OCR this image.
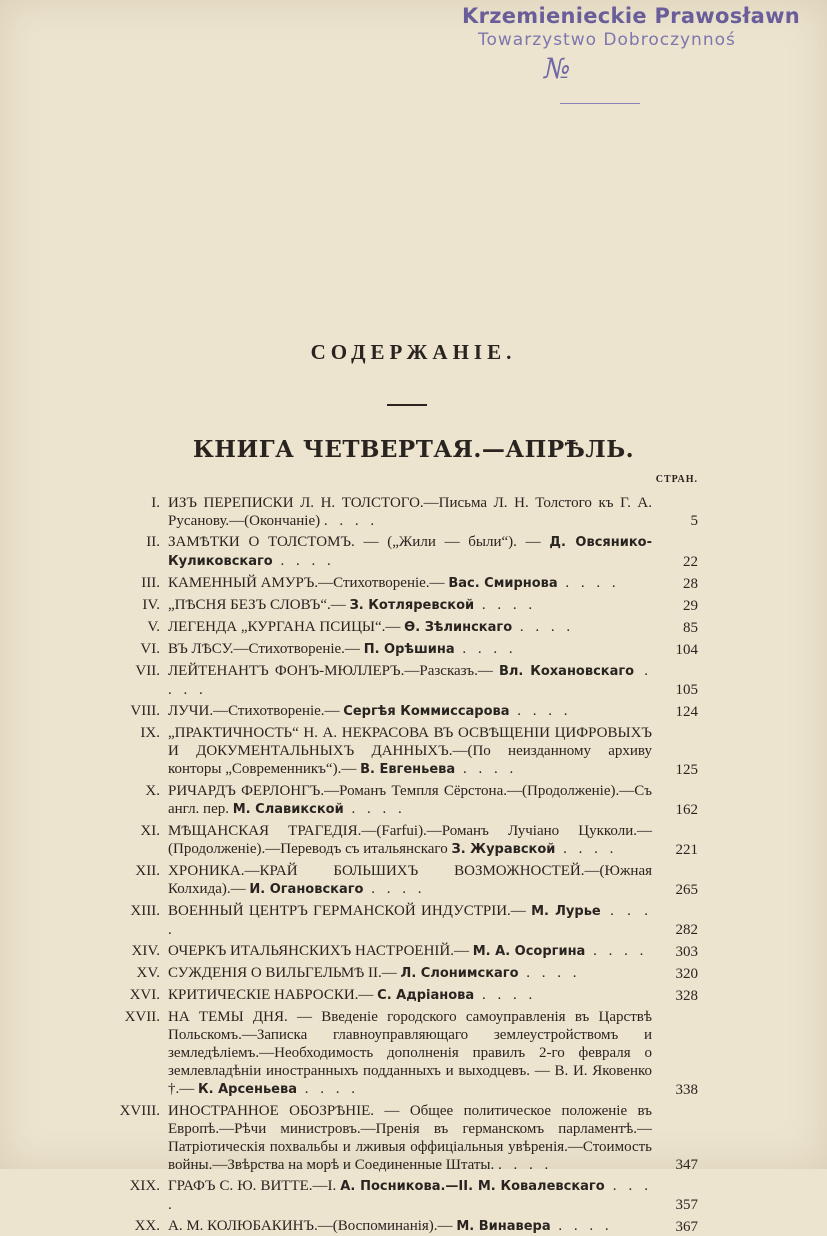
Krzemienieckie Prawosławn
Towarzystwo Dobroczynnoś
№
СОДЕРЖАНІЕ.
КНИГА ЧЕТВЕРТАЯ.—АПРѢЛЬ.
СТРАН.
I. ИЗЪ ПЕРЕПИСКИ Л. Н. ТОЛСТОГО.—Письма Л. Н. Толстого къ Г. А. Русанову.—(Окончаніе) . . . .	5
II. ЗАМѢТКИ О ТОЛСТОМЪ. — („Жили — были“). — Д. Овсянико-Куликовскаго . . . .	22
III. КАМЕННЫЙ АМУРЪ.—Стихотвореніе.— Вас. Смирнова . . . .	28
IV. „ПѢСНЯ БЕЗЪ СЛОВЪ“.— З. Котляревской . . . .	29
V. ЛЕГЕНДА „КУРГАНА ПСИЦЫ“.— Ѳ. Зѣлинскаго . . . .	85
VI. ВЪ ЛѢСУ.—Стихотвореніе.— П. Орѣшина . . . .	104
VII. ЛЕЙТЕНАНТЪ ФОНЪ-МЮЛЛЕРЪ.—Разсказъ.— Вл. Кохановскаго . . . .	105
VIII. ЛУЧИ.—Стихотвореніе.— Сергѣя Коммиссарова . . . .	124
IX. „ПРАКТИЧНОСТЬ“ Н. А. НЕКРАСОВА ВЪ ОСВѢЩЕНІИ ЦИФРОВЫХЪ И ДОКУМЕНТАЛЬНЫХЪ ДАННЫХЪ.—(По неизданному архиву конторы „Современникъ“).— В. Евгеньева . . . .	125
X. РИЧАРДЪ ФЕРЛОНГЪ.—Романъ Темпля Сёрстона.—(Продолженіе).—Съ англ. пер. М. Славикской . . . .	162
XI. МѢЩАНСКАЯ ТРАГЕДІЯ.—(Farfui).—Романъ Лучіано Цукколи.—(Продолженіе).—Переводъ съ итальянскаго З. Журавской . . . .	221
XII. ХРОНИКА.—КРАЙ БОЛЬШИХЪ ВОЗМОЖНОСТЕЙ.—(Южная Колхида).— И. Огановскаго . . . .	265
XIII. ВОЕННЫЙ ЦЕНТРЪ ГЕРМАНСКОЙ ИНДУСТРІИ.— М. Лурье . . . .	282
XIV. ОЧЕРКЪ ИТАЛЬЯНСКИХЪ НАСТРОЕНІЙ.— М. А. Осоргина . . . .	303
XV. СУЖДЕНІЯ О ВИЛЬГЕЛЬМѢ II.— Л. Слонимскаго . . . .	320
XVI. КРИТИЧЕСКІЕ НАБРОСКИ.— С. Адріанова . . . .	328
XVII. НА ТЕМЫ ДНЯ. — Введеніе городского самоуправленія въ Царствѣ Польскомъ.—Записка главноуправляющаго землеустройствомъ и земледѣліемъ.—Необходимость дополненія правилъ 2-го февраля о землевладѣніи иностранныхъ подданныхъ и выходцевъ. — В. И. Яковенко †.— К. Арсеньева . . . .	338
XVIII. ИНОСТРАННОЕ ОБОЗРѢНІЕ. — Общее политическое положеніе въ Европѣ.—Рѣчи министровъ.—Пренія въ германскомъ парламентѣ.—Патріотическія похвальбы и лживыя оффиціальныя увѣренія.—Стоимость войны.—Звѣрства на морѣ и Соединенные Штаты. . . . .	347
XIX. ГРАФЪ С. Ю. ВИТТЕ.—I. А. Посникова.—II. М. Ковалевскаго . . . .	357
XX. А. М. КОЛЮБАКИНЪ.—(Воспоминанія).— М. Винавера . . . .	367
